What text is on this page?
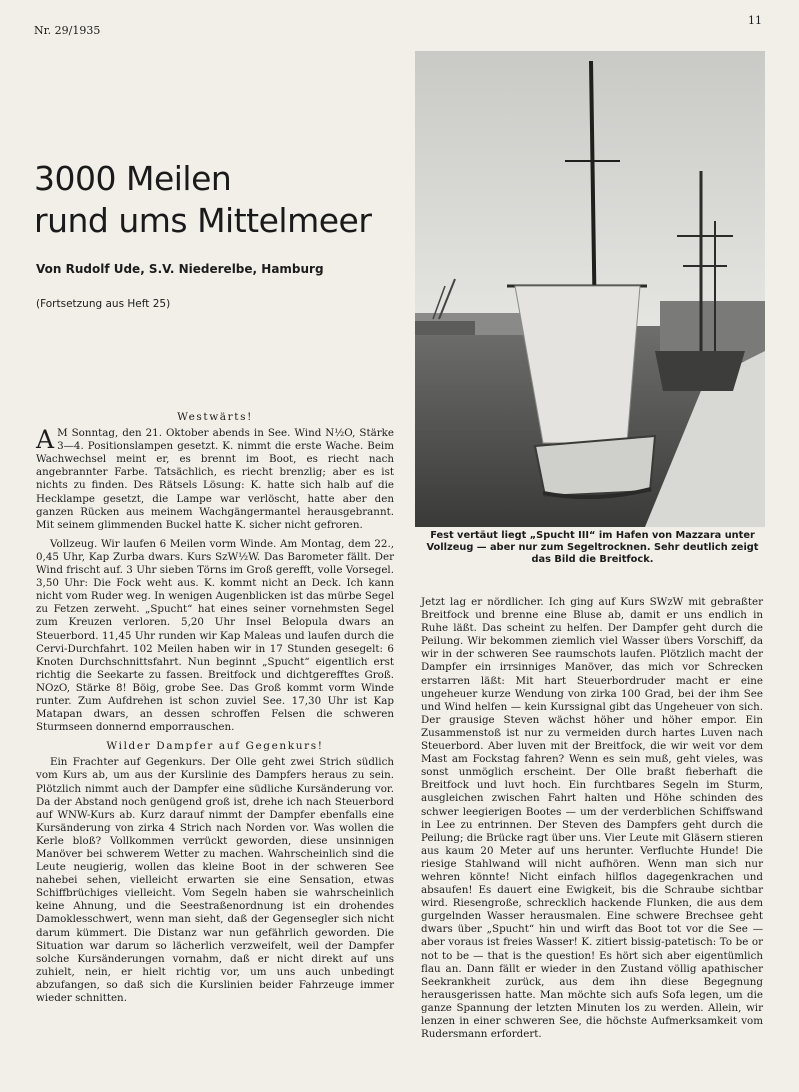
Nr. 29/1935
11
3000 Meilen
rund ums Mittelmeer
Von Rudolf Ude, S.V. Niederelbe, Hamburg
(Fortsetzung aus Heft 25)
Westwärts!

AM Sonntag, den 21. Oktober abends in See. Wind N½O, Stärke 3—4. Positionslampen gesetzt. K. nimmt die erste Wache. Beim Wachwechsel meint er, es brennt im Boot, es riecht nach angebrannter Farbe. Tatsächlich, es riecht brenzlig; aber es ist nichts zu finden. Des Rätsels Lösung: K. hatte sich halb auf die Hecklampe gesetzt, die Lampe war verlöscht, hatte aber den ganzen Rücken aus meinem Wachgängermantel herausgebrannt. Mit seinem glimmenden Buckel hatte K. sicher nicht gefroren.

Vollzeug. Wir laufen 6 Meilen vorm Winde. Am Montag, dem 22., 0,45 Uhr, Kap Zurba dwars. Kurs SzW½W. Das Barometer fällt. Der Wind frischt auf. 3 Uhr sieben Törns im Groß gerefft, volle Vorsegel. 3,50 Uhr: Die Fock weht aus. K. kommt nicht an Deck. Ich kann nicht vom Ruder weg. In wenigen Augenblicken ist das mürbe Segel zu Fetzen zerweht. „Spucht“ hat eines seiner vornehmsten Segel zum Kreuzen verloren. 5,20 Uhr Insel Belopula dwars an Steuerbord. 11,45 Uhr runden wir Kap Maleas und laufen durch die Cervi-Durchfahrt. 102 Meilen haben wir in 17 Stunden gesegelt: 6 Knoten Durchschnittsfahrt. Nun beginnt „Spucht“ eigentlich erst richtig die Seekarte zu fassen. Breitfock und dichtgerefftes Groß. NOzO, Stärke 8! Böig, grobe See. Das Groß kommt vorm Winde runter. Zum Aufdrehen ist schon zuviel See. 17,30 Uhr ist Kap Matapan dwars, an dessen schroffen Felsen die schweren Sturmseen donnernd emporrauschen.

Wilder Dampfer auf Gegenkurs!

Ein Frachter auf Gegenkurs. Der Olle geht zwei Strich südlich vom Kurs ab, um aus der Kurslinie des Dampfers heraus zu sein. Plötzlich nimmt auch der Dampfer eine südliche Kursänderung vor. Da der Abstand noch genügend groß ist, drehe ich nach Steuerbord auf WNW-Kurs ab. Kurz darauf nimmt der Dampfer ebenfalls eine Kursänderung von zirka 4 Strich nach Norden vor. Was wollen die Kerle bloß? Vollkommen verrückt geworden, diese unsinnigen Manöver bei schwerem Wetter zu machen. Wahrscheinlich sind die Leute neugierig, wollen das kleine Boot in der schweren See nahebei sehen, vielleicht erwarten sie eine Sensation, etwas Schiffbrüchiges vielleicht. Vom Segeln haben sie wahrscheinlich keine Ahnung, und die Seestraßenordnung ist ein drohendes Damoklesschwert, wenn man sieht, daß der Gegensegler sich nicht darum kümmert. Die Distanz war nun gefährlich geworden. Die Situation war darum so lächerlich verzweifelt, weil der Dampfer solche Kursänderungen vornahm, daß er nicht direkt auf uns zuhielt, nein, er hielt richtig vor, um uns auch unbedingt abzufangen, so daß sich die Kurslinien beider Fahrzeuge immer wieder schnitten.

Fest vertäut liegt „Spucht III“ im Hafen von Mazzara unter Vollzeug — aber nur zum Segeltrocknen. Sehr deutlich zeigt das Bild die Breitfock.

Jetzt lag er nördlicher. Ich ging auf Kurs SWzW mit gebraßter Breitfock und brenne eine Bluse ab, damit er uns endlich in Ruhe läßt. Das scheint zu helfen. Der Dampfer geht durch die Peilung. Wir bekommen ziemlich viel Wasser übers Vorschiff, da wir in der schweren See raumschots laufen. Plötzlich macht der Dampfer ein irrsinniges Manöver, das mich vor Schrecken erstarren läßt: Mit hart Steuerbordruder macht er eine ungeheuer kurze Wendung von zirka 100 Grad, bei der ihm See und Wind helfen — kein Kurssignal gibt das Ungeheuer von sich. Der grausige Steven wächst höher und höher empor. Ein Zusammenstoß ist nur zu vermeiden durch hartes Luven nach Steuerbord. Aber luven mit der Breitfock, die wir weit vor dem Mast am Fockstag fahren? Wenn es sein muß, geht vieles, was sonst unmöglich erscheint. Der Olle braßt fieberhaft die Breitfock und luvt hoch. Ein furchtbares Segeln im Sturm, ausgleichen zwischen Fahrt halten und Höhe schinden des schwer leegierigen Bootes — um der verderblichen Schiffswand in Lee zu entrinnen. Der Steven des Dampfers geht durch die Peilung; die Brücke ragt über uns. Vier Leute mit Gläsern stieren aus kaum 20 Meter auf uns herunter. Verfluchte Hunde! Die riesige Stahlwand will nicht aufhören. Wenn man sich nur wehren könnte! Nicht einfach hilflos dagegenkrachen und absaufen! Es dauert eine Ewigkeit, bis die Schraube sichtbar wird. Riesengroße, schrecklich hackende Flunken, die aus dem gurgelnden Wasser herausmalen. Eine schwere Brechsee geht dwars über „Spucht“ hin und wirft das Boot tot vor die See — aber voraus ist freies Wasser! K. zitiert bissig-patetisch: To be or not to be — that is the question! Es hört sich aber eigentümlich flau an. Dann fällt er wieder in den Zustand völlig apathischer Seekrankheit zurück, aus dem ihn diese Begegnung herausgerissen hatte. Man möchte sich aufs Sofa legen, um die ganze Spannung der letzten Minuten los zu werden. Allein, wir lenzen in einer schweren See, die höchste Aufmerksamkeit vom Rudersmann erfordert.
